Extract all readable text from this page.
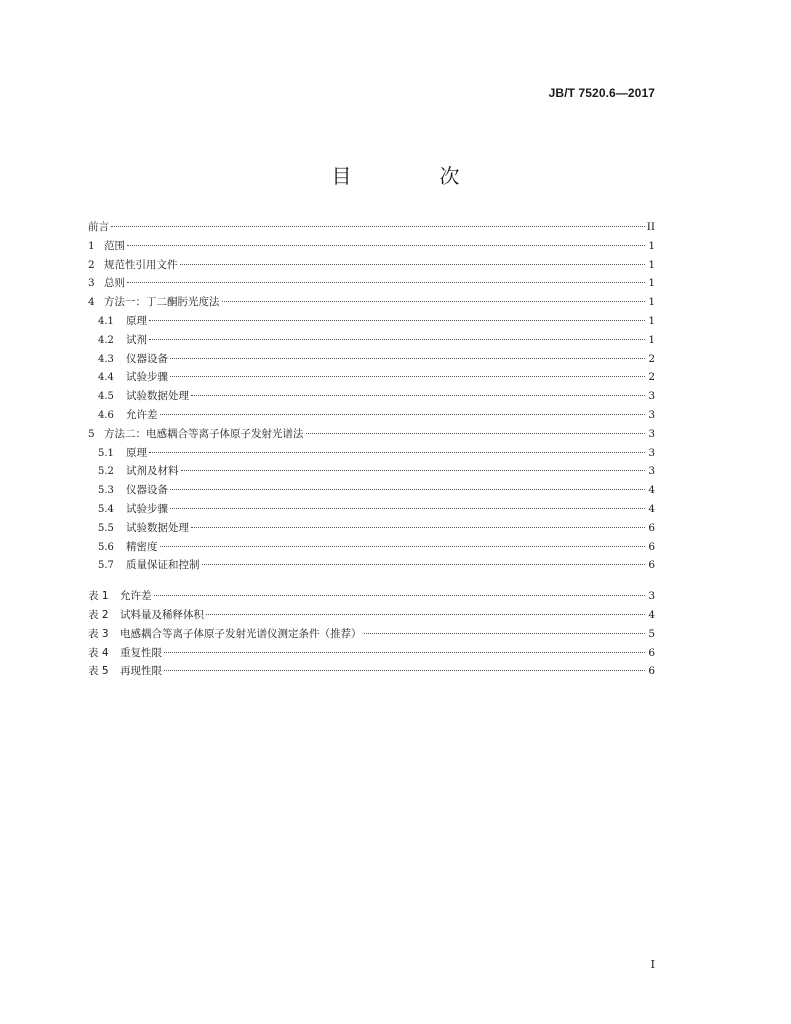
JB/T 7520.6—2017
目　次
前言	II
1 范围	1
2 规范性引用文件	1
3 总则	1
4 方法一：丁二酮肟光度法	1
4.1	原理	1
4.2	试剂	1
4.3	仪器设备	2
4.4	试验步骤	2
4.5	试验数据处理	3
4.6	允许差	3
5 方法二：电感耦合等离子体原子发射光谱法	3
5.1	原理	3
5.2	试剂及材料	3
5.3	仪器设备	4
5.4	试验步骤	4
5.5	试验数据处理	6
5.6	精密度	6
5.7	质量保证和控制	6
表 1	允许差	3
表 2	试料量及稀释体积	4
表 3	电感耦合等离子体原子发射光谱仪测定条件（推荐）	5
表 4	重复性限	6
表 5	再现性限	6
I
